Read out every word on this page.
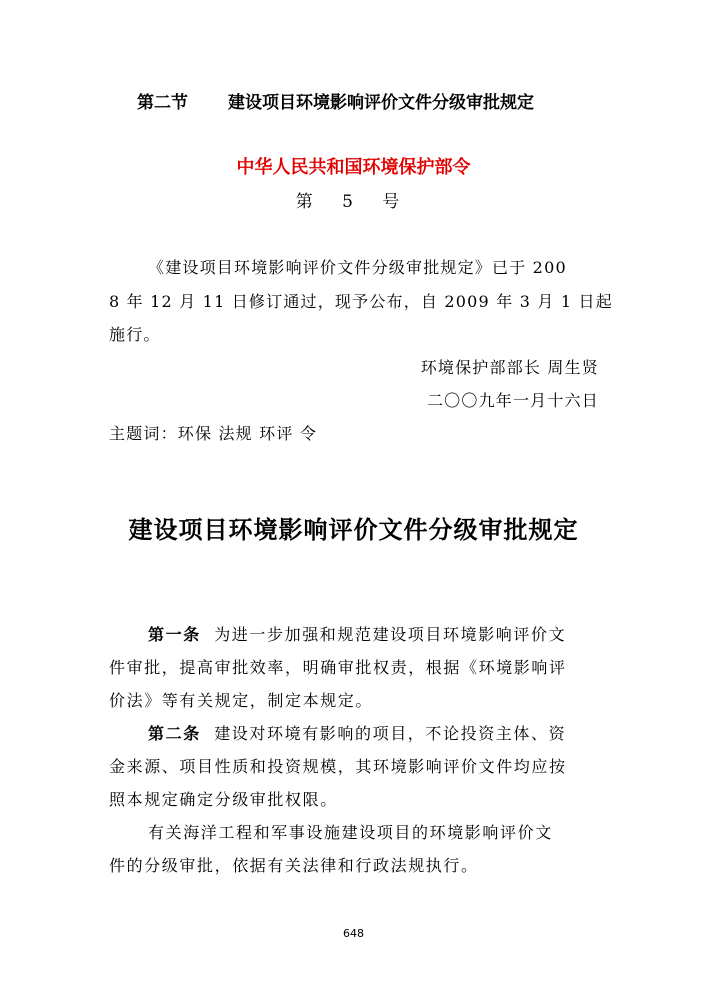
第二节 建设项目环境影响评价文件分级审批规定
中华人民共和国环境保护部令
第 5 号
《建设项目环境影响评价文件分级审批规定》已于 200
8 年 12 月 11 日修订通过，现予公布，自 2009 年 3 月 1 日起
施行。
环境保护部部长 周生贤
二〇〇九年一月十六日
主题词：环保 法规 环评 令
建设项目环境影响评价文件分级审批规定
第一条 为进一步加强和规范建设项目环境影响评价文
件审批，提高审批效率，明确审批权责，根据《环境影响评
价法》等有关规定，制定本规定。
第二条 建设对环境有影响的项目，不论投资主体、资
金来源、项目性质和投资规模，其环境影响评价文件均应按
照本规定确定分级审批权限。
有关海洋工程和军事设施建设项目的环境影响评价文
件的分级审批，依据有关法律和行政法规执行。
648
